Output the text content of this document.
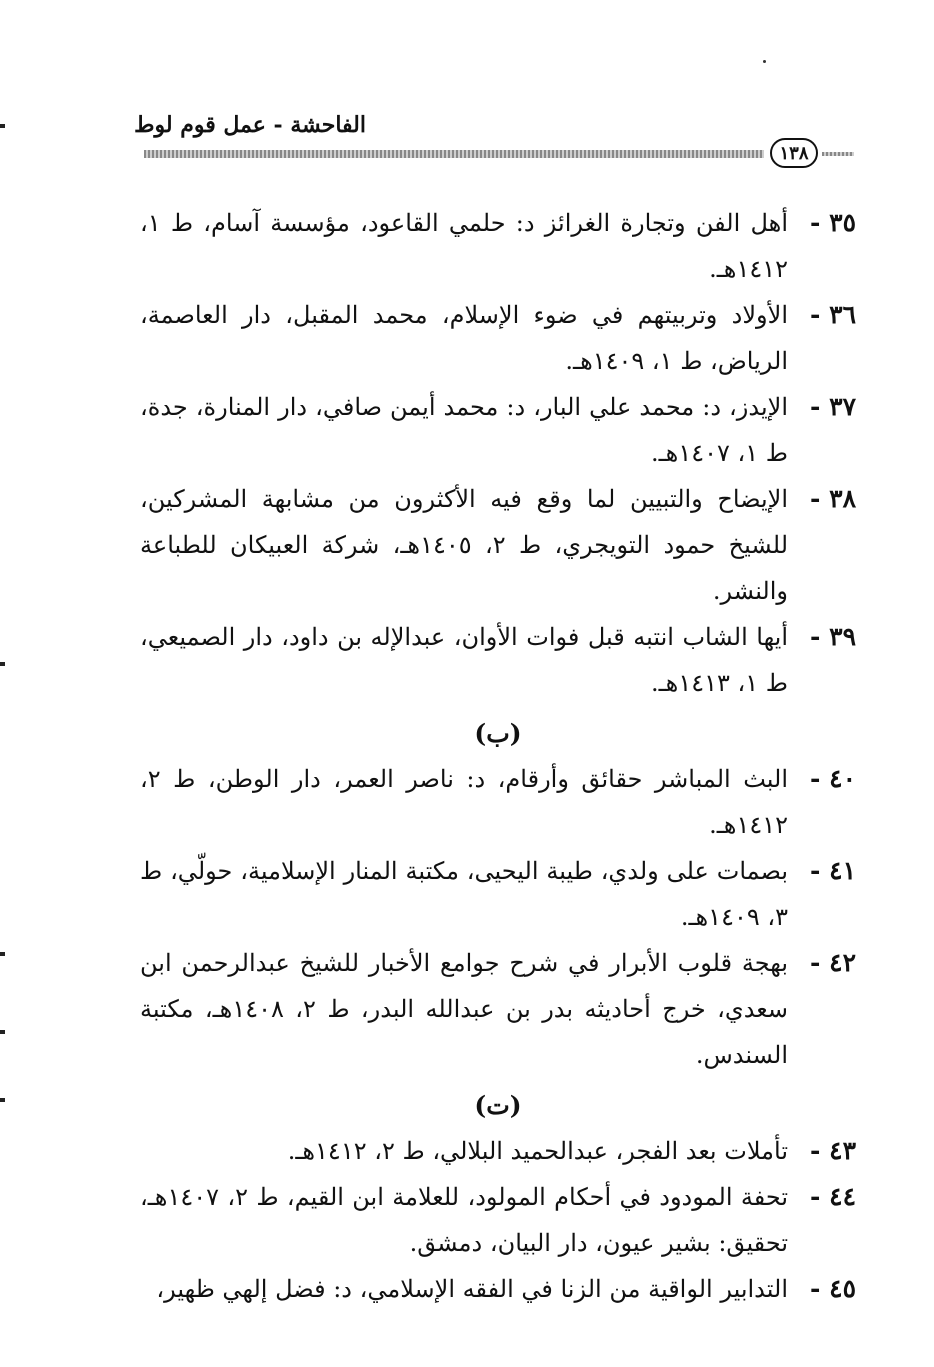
الفاحشة - عمل قوم لوط
١٣٨
٣٥ -
أهل الفن وتجارة الغرائز د: حلمي القاعود، مؤسسة آسام، ط ١، ١٤١٢هـ.
٣٦ -
الأولاد وتربيتهم في ضوء الإسلام، محمد المقبل، دار العاصمة، الرياض، ط ١، ١٤٠٩هـ.
٣٧ -
الإيدز، د: محمد علي البار، د: محمد أيمن صافي، دار المنارة، جدة، ط ١، ١٤٠٧هـ.
٣٨ -
الإيضاح والتبيين لما وقع فيه الأكثرون من مشابهة المشركين، للشيخ حمود التويجري، ط ٢، ١٤٠٥هـ، شركة العبيكان للطباعة والنشر.
٣٩ -
أيها الشاب انتبه قبل فوات الأوان، عبدالإله بن داود، دار الصميعي، ط ١، ١٤١٣هـ.
(ب)
٤٠ -
البث المباشر حقائق وأرقام، د: ناصر العمر، دار الوطن، ط ٢، ١٤١٢هـ.
٤١ -
بصمات على ولدي، طيبة اليحيى، مكتبة المنار الإسلامية، حولّي، ط ٣، ١٤٠٩هـ.
٤٢ -
بهجة قلوب الأبرار في شرح جوامع الأخبار للشيخ عبدالرحمن ابن سعدي، خرج أحاديثه بدر بن عبدالله البدر، ط ٢، ١٤٠٨هـ، مكتبة السندس.
(ت)
٤٣ -
تأملات بعد الفجر، عبدالحميد البلالي، ط ٢، ١٤١٢هـ.
٤٤ -
تحفة المودود في أحكام المولود، للعلامة ابن القيم، ط ٢، ١٤٠٧هـ، تحقيق: بشير عيون، دار البيان، دمشق.
٤٥ -
التدابير الواقية من الزنا في الفقه الإسلامي، د: فضل إلهي ظهير،
